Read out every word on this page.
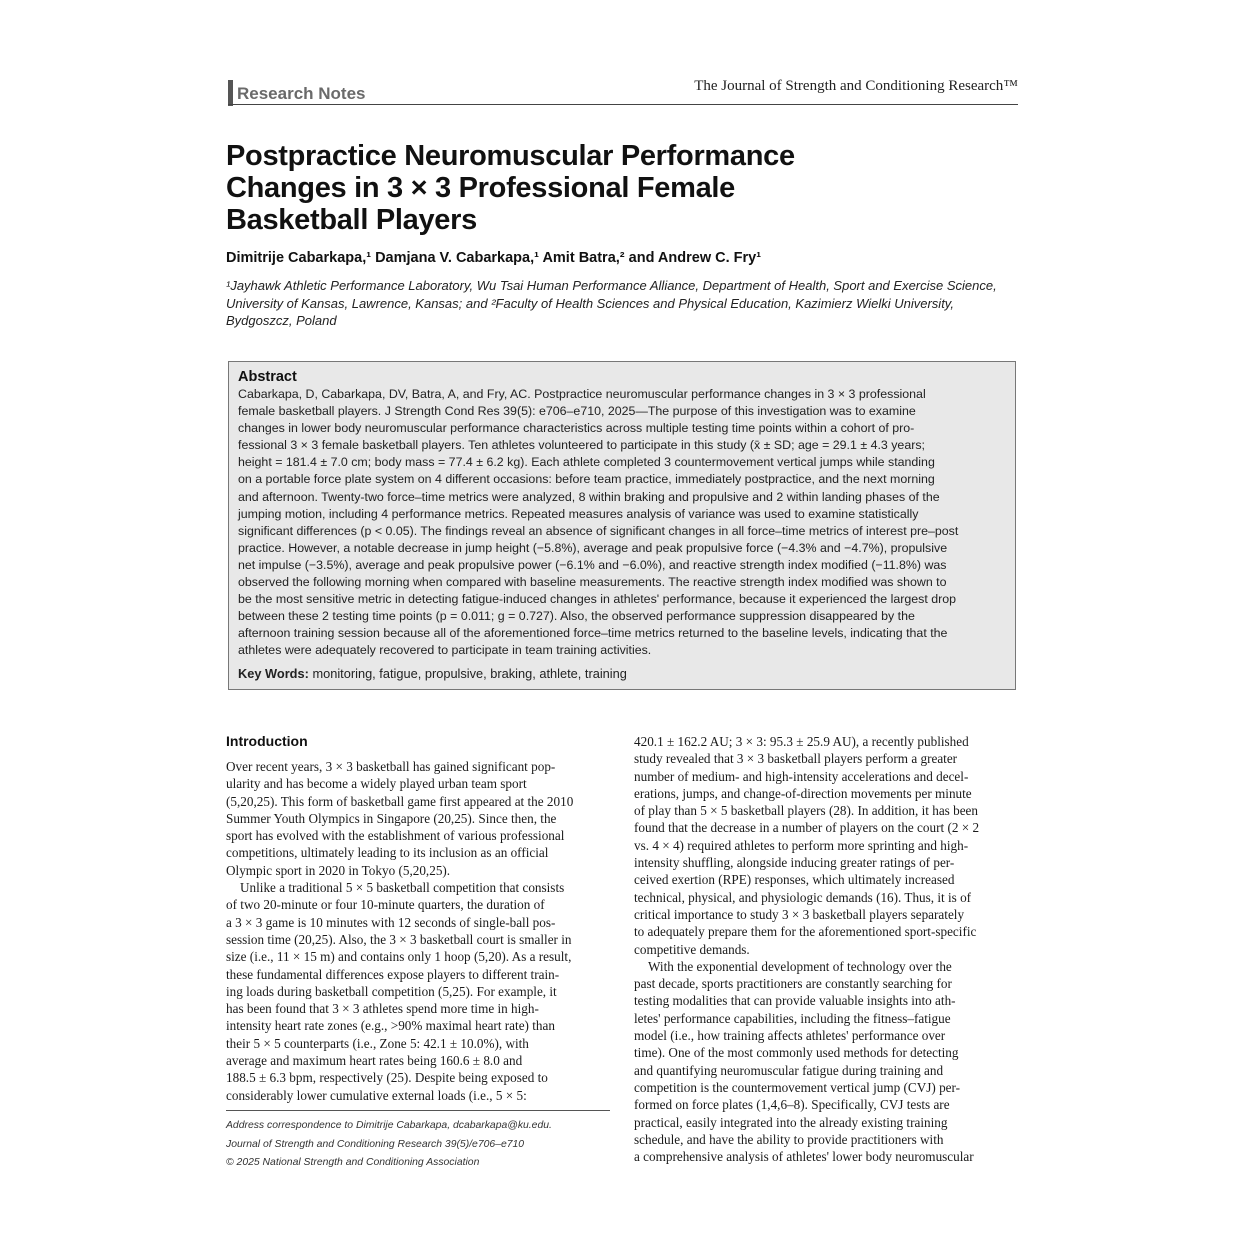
Research Notes	The Journal of Strength and Conditioning Research™
Postpractice Neuromuscular Performance
Changes in 3 × 3 Professional Female
Basketball Players
Dimitrije Cabarkapa,¹ Damjana V. Cabarkapa,¹ Amit Batra,² and Andrew C. Fry¹
¹Jayhawk Athletic Performance Laboratory, Wu Tsai Human Performance Alliance, Department of Health, Sport and Exercise Science,
University of Kansas, Lawrence, Kansas; and ²Faculty of Health Sciences and Physical Education, Kazimierz Wielki University,
Bydgoszcz, Poland
Abstract
Cabarkapa, D, Cabarkapa, DV, Batra, A, and Fry, AC. Postpractice neuromuscular performance changes in 3 × 3 professional
female basketball players. J Strength Cond Res 39(5): e706–e710, 2025—The purpose of this investigation was to examine
changes in lower body neuromuscular performance characteristics across multiple testing time points within a cohort of pro-
fessional 3 × 3 female basketball players. Ten athletes volunteered to participate in this study (x̄ ± SD; age = 29.1 ± 4.3 years;
height = 181.4 ± 7.0 cm; body mass = 77.4 ± 6.2 kg). Each athlete completed 3 countermovement vertical jumps while standing
on a portable force plate system on 4 different occasions: before team practice, immediately postpractice, and the next morning
and afternoon. Twenty-two force–time metrics were analyzed, 8 within braking and propulsive and 2 within landing phases of the
jumping motion, including 4 performance metrics. Repeated measures analysis of variance was used to examine statistically
significant differences (p < 0.05). The findings reveal an absence of significant changes in all force–time metrics of interest pre–post
practice. However, a notable decrease in jump height (−5.8%), average and peak propulsive force (−4.3% and −4.7%), propulsive
net impulse (−3.5%), average and peak propulsive power (−6.1% and −6.0%), and reactive strength index modified (−11.8%) was
observed the following morning when compared with baseline measurements. The reactive strength index modified was shown to
be the most sensitive metric in detecting fatigue-induced changes in athletes' performance, because it experienced the largest drop
between these 2 testing time points (p = 0.011; g = 0.727). Also, the observed performance suppression disappeared by the
afternoon training session because all of the aforementioned force–time metrics returned to the baseline levels, indicating that the
athletes were adequately recovered to participate in team training activities.
Key Words: monitoring, fatigue, propulsive, braking, athlete, training
Introduction
Over recent years, 3 × 3 basketball has gained significant pop-
ularity and has become a widely played urban team sport
(5,20,25). This form of basketball game first appeared at the 2010
Summer Youth Olympics in Singapore (20,25). Since then, the
sport has evolved with the establishment of various professional
competitions, ultimately leading to its inclusion as an official
Olympic sport in 2020 in Tokyo (5,20,25).
Unlike a traditional 5 × 5 basketball competition that consists
of two 20-minute or four 10-minute quarters, the duration of
a 3 × 3 game is 10 minutes with 12 seconds of single-ball pos-
session time (20,25). Also, the 3 × 3 basketball court is smaller in
size (i.e., 11 × 15 m) and contains only 1 hoop (5,20). As a result,
these fundamental differences expose players to different train-
ing loads during basketball competition (5,25). For example, it
has been found that 3 × 3 athletes spend more time in high-
intensity heart rate zones (e.g., >90% maximal heart rate) than
their 5 × 5 counterparts (i.e., Zone 5: 42.1 ± 10.0%), with
average and maximum heart rates being 160.6 ± 8.0 and
188.5 ± 6.3 bpm, respectively (25). Despite being exposed to
considerably lower cumulative external loads (i.e., 5 × 5:
420.1 ± 162.2 AU; 3 × 3: 95.3 ± 25.9 AU), a recently published
study revealed that 3 × 3 basketball players perform a greater
number of medium- and high-intensity accelerations and decel-
erations, jumps, and change-of-direction movements per minute
of play than 5 × 5 basketball players (28). In addition, it has been
found that the decrease in a number of players on the court (2 × 2
vs. 4 × 4) required athletes to perform more sprinting and high-
intensity shuffling, alongside inducing greater ratings of per-
ceived exertion (RPE) responses, which ultimately increased
technical, physical, and physiologic demands (16). Thus, it is of
critical importance to study 3 × 3 basketball players separately
to adequately prepare them for the aforementioned sport-specific
competitive demands.
With the exponential development of technology over the
past decade, sports practitioners are constantly searching for
testing modalities that can provide valuable insights into ath-
letes' performance capabilities, including the fitness–fatigue
model (i.e., how training affects athletes' performance over
time). One of the most commonly used methods for detecting
and quantifying neuromuscular fatigue during training and
competition is the countermovement vertical jump (CVJ) per-
formed on force plates (1,4,6–8). Specifically, CVJ tests are
practical, easily integrated into the already existing training
schedule, and have the ability to provide practitioners with
a comprehensive analysis of athletes' lower body neuromuscular
Address correspondence to Dimitrije Cabarkapa, dcabarkapa@ku.edu.
Journal of Strength and Conditioning Research 39(5)/e706–e710
© 2025 National Strength and Conditioning Association
